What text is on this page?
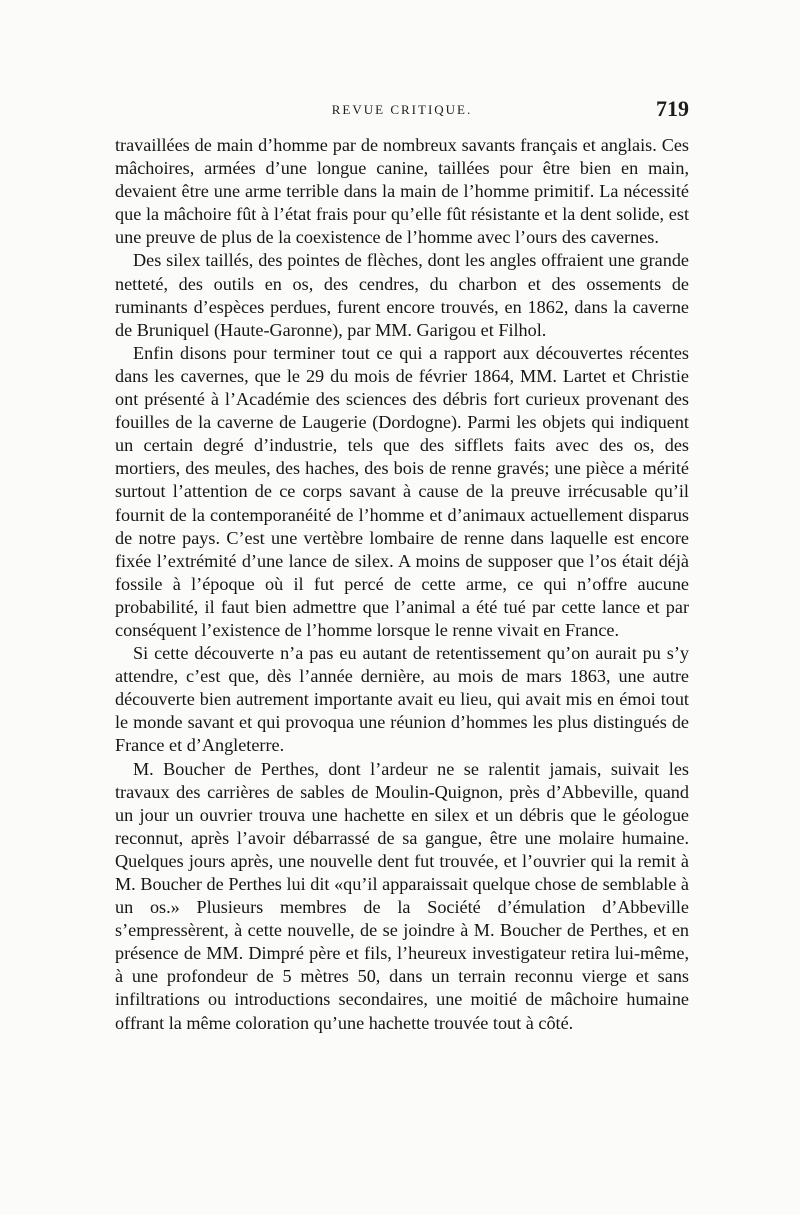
REVUE CRITIQUE.	719

travaillées de main d’homme par de nombreux savants français et anglais. Ces mâchoires, armées d’une longue canine, taillées pour être bien en main, devaient être une arme terrible dans la main de l’homme primitif. La nécessité que la mâchoire fût à l’état frais pour qu’elle fût résistante et la dent solide, est une preuve de plus de la coexistence de l’homme avec l’ours des cavernes.

Des silex taillés, des pointes de flèches, dont les angles offraient une grande netteté, des outils en os, des cendres, du charbon et des ossements de ruminants d’espèces perdues, furent encore trouvés, en 1862, dans la caverne de Bruniquel (Haute-Garonne), par MM. Garigou et Filhol.

Enfin disons pour terminer tout ce qui a rapport aux découvertes récentes dans les cavernes, que le 29 du mois de février 1864, MM. Lartet et Christie ont présenté à l’Académie des sciences des débris fort curieux provenant des fouilles de la caverne de Laugerie (Dordogne). Parmi les objets qui indiquent un certain degré d’industrie, tels que des sifflets faits avec des os, des mortiers, des meules, des haches, des bois de renne gravés; une pièce a mérité surtout l’attention de ce corps savant à cause de la preuve irrécusable qu’il fournit de la contemporanéité de l’homme et d’animaux actuellement disparus de notre pays. C’est une vertèbre lombaire de renne dans laquelle est encore fixée l’extrémité d’une lance de silex. A moins de supposer que l’os était déjà fossile à l’époque où il fut percé de cette arme, ce qui n’offre aucune probabilité, il faut bien admettre que l’animal a été tué par cette lance et par conséquent l’existence de l’homme lorsque le renne vivait en France.

Si cette découverte n’a pas eu autant de retentissement qu’on aurait pu s’y attendre, c’est que, dès l’année dernière, au mois de mars 1863, une autre découverte bien autrement importante avait eu lieu, qui avait mis en émoi tout le monde savant et qui provoqua une réunion d’hommes les plus distingués de France et d’Angleterre.

M. Boucher de Perthes, dont l’ardeur ne se ralentit jamais, suivait les travaux des carrières de sables de Moulin-Quignon, près d’Abbeville, quand un jour un ouvrier trouva une hachette en silex et un débris que le géologue reconnut, après l’avoir débarrassé de sa gangue, être une molaire humaine. Quelques jours après, une nouvelle dent fut trouvée, et l’ouvrier qui la remit à M. Boucher de Perthes lui dit «qu’il apparaissait quelque chose de semblable à un os.» Plusieurs membres de la Société d’émulation d’Abbeville s’empressèrent, à cette nouvelle, de se joindre à M. Boucher de Perthes, et en présence de MM. Dimpré père et fils, l’heureux investigateur retira lui-même, à une profondeur de 5 mètres 50, dans un terrain reconnu vierge et sans infiltrations ou introductions secondaires, une moitié de mâchoire humaine offrant la même coloration qu’une hachette trouvée tout à côté.
